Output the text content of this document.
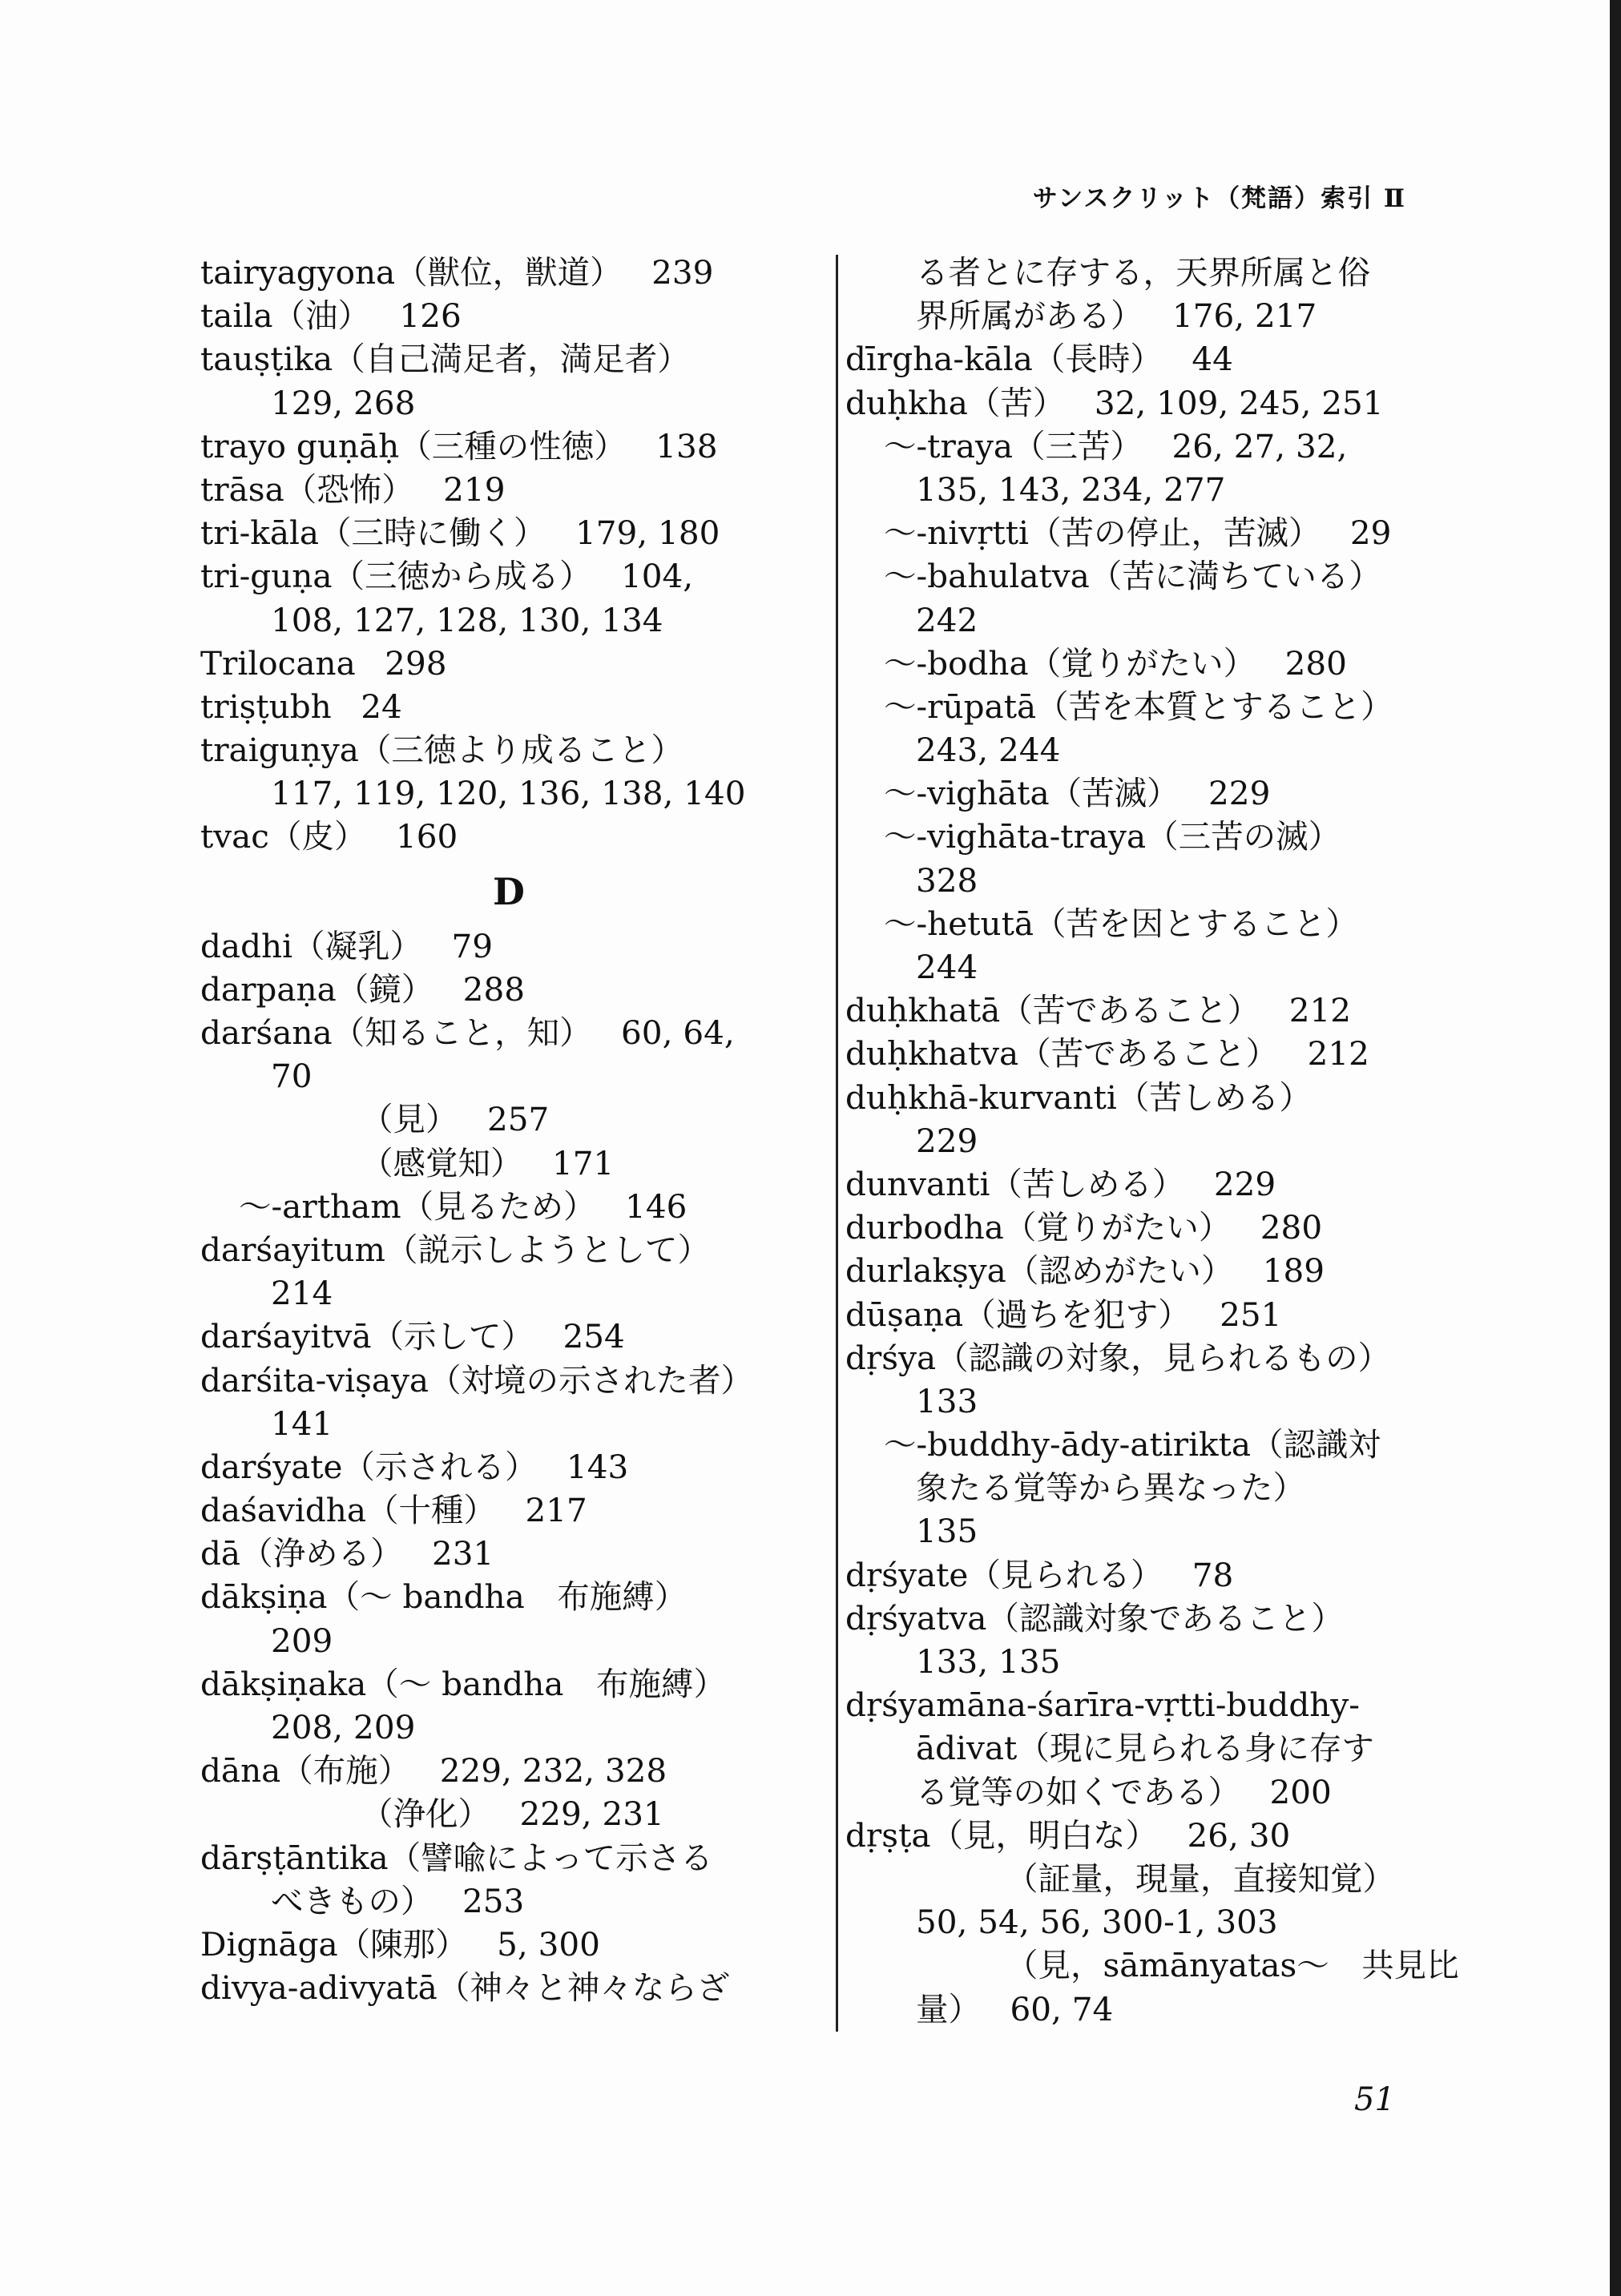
サンスクリット（梵語）索引 Ⅱ
tairyagyona（獣位，獣道） 239
taila（油） 126
tauṣṭika（自己満足者，満足者）
129, 268
trayo guṇāḥ（三種の性徳） 138
trāsa（恐怖） 219
tri-kāla（三時に働く） 179, 180
tri-guṇa（三徳から成る） 104,
108, 127, 128, 130, 134
Trilocana 298
triṣṭubh 24
traiguṇya（三徳より成ること）
117, 119, 120, 136, 138, 140
tvac（皮） 160
D
dadhi（凝乳） 79
darpaṇa（鏡） 288
darśana（知ること，知） 60, 64,
70
（見） 257
（感覚知） 171
～-artham（見るため） 146
darśayitum（説示しようとして）
214
darśayitvā（示して） 254
darśita-viṣaya（対境の示された者）
141
darśyate（示される） 143
daśavidha（十種） 217
dā（浄める） 231
dākṣiṇa（～ bandha　布施縛）
209
dākṣiṇaka（～ bandha　布施縛）
208, 209
dāna（布施） 229, 232, 328
（浄化） 229, 231
dārṣṭāntika（譬喩によって示さる
べきもの） 253
Dignāga（陳那） 5, 300
divya-adivyatā（神々と神々ならざ
る者とに存する，天界所属と俗
界所属がある） 176, 217
dīrgha-kāla（長時） 44
duḥkha（苦） 32, 109, 245, 251
～-traya（三苦） 26, 27, 32,
135, 143, 234, 277
～-nivṛtti（苦の停止，苦滅） 29
～-bahulatva（苦に満ちている）
242
～-bodha（覚りがたい） 280
～-rūpatā（苦を本質とすること）
243, 244
～-vighāta（苦滅） 229
～-vighāta-traya（三苦の滅）
328
～-hetutā（苦を因とすること）
244
duḥkhatā（苦であること） 212
duḥkhatva（苦であること） 212
duḥkhā-kurvanti（苦しめる）
229
dunvanti（苦しめる） 229
durbodha（覚りがたい） 280
durlakṣya（認めがたい） 189
dūṣaṇa（過ちを犯す） 251
dṛśya（認識の対象，見られるもの）
133
～-buddhy-ādy-atirikta（認識対
象たる覚等から異なった）
135
dṛśyate（見られる） 78
dṛśyatva（認識対象であること）
133, 135
dṛśyamāna-śarīra-vṛtti-buddhy-
ādivat（現に見られる身に存す
る覚等の如くである） 200
dṛṣṭa（見，明白な） 26, 30
（証量，現量，直接知覚）
50, 54, 56, 300-1, 303
（見，sāmānyatas～　共見比
量） 60, 74
51
